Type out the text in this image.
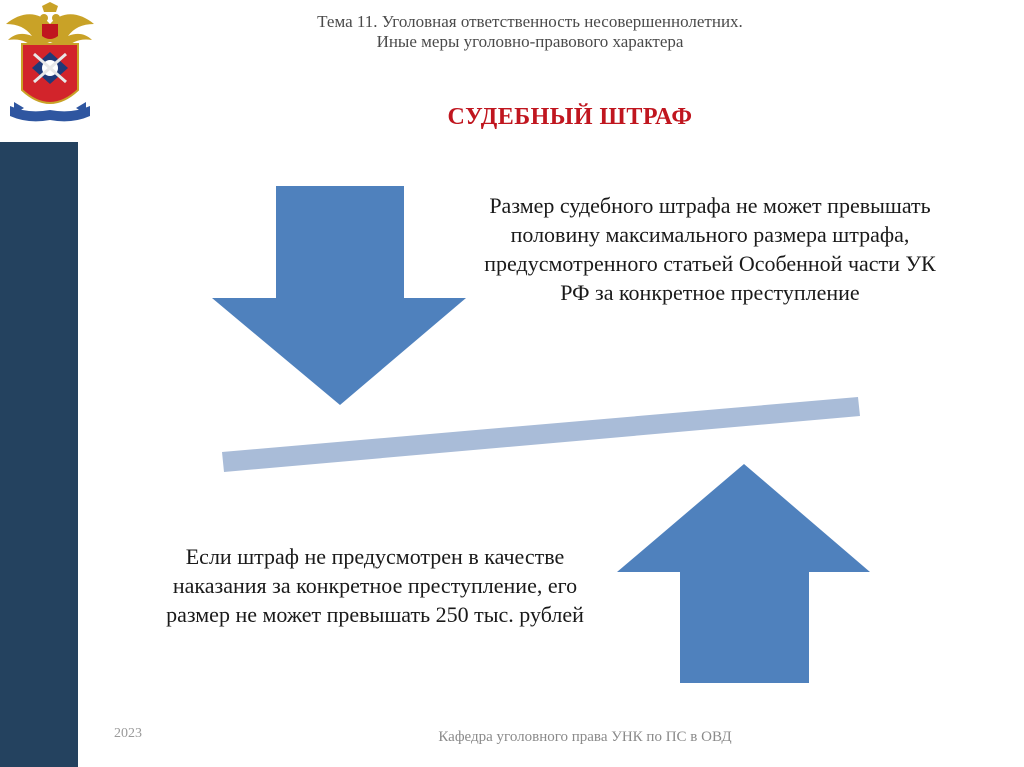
Тема 11. Уголовная ответственность несовершеннолетних.
Иные меры уголовно-правового характера
СУДЕБНЫЙ ШТРАФ
Размер судебного штрафа не может превышать половину максимального размера штрафа, предусмотренного статьей Особенной части УК РФ за конкретное преступление
Если штраф не предусмотрен в качестве наказания за конкретное преступление, его размер не может превышать 250 тыс. рублей
2023	Кафедра уголовного права УНК по ПС в ОВД
